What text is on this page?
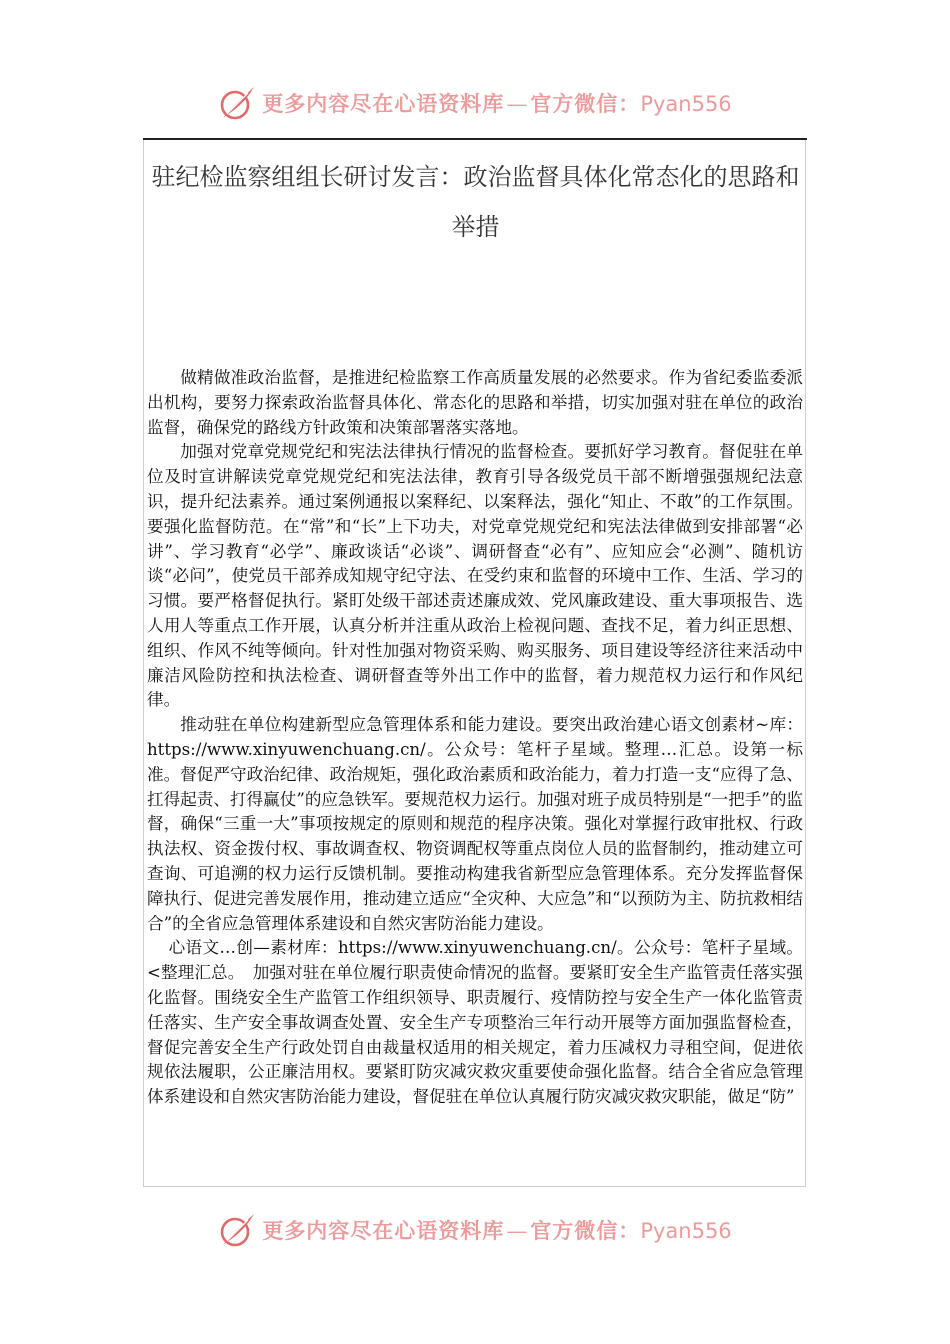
更多内容尽在心语资料库—官方微信：Pyan556
驻纪检监察组组长研讨发言：政治监督具体化常态化的思路和
举措

做精做准政治监督，是推进纪检监察工作高质量发展的必然要求。作为省纪委监委派出机构，要努力探索政治监督具体化、常态化的思路和举措，切实加强对驻在单位的政治监督，确保党的路线方针政策和决策部署落实落地。

加强对党章党规党纪和宪法法律执行情况的监督检查。要抓好学习教育。督促驻在单位及时宣讲解读党章党规党纪和宪法法律，教育引导各级党员干部不断增强强规纪法意识，提升纪法素养。通过案例通报以案释纪、以案释法，强化“知止、不敢”的工作氛围。要强化监督防范。在“常”和“长”上下功夫，对党章党规党纪和宪法法律做到安排部署“必讲”、学习教育“必学”、廉政谈话“必谈”、调研督查“必有”、应知应会“必测”、随机访谈“必问”，使党员干部养成知规守纪守法、在受约束和监督的环境中工作、生活、学习的习惯。要严格督促执行。紧盯处级干部述责述廉成效、党风廉政建设、重大事项报告、选人用人等重点工作开展，认真分析并注重从政治上检视问题、查找不足，着力纠正思想、组织、作风不纯等倾向。针对性加强对物资采购、购买服务、项目建设等经济往来活动中廉洁风险防控和执法检查、调研督查等外出工作中的监督，着力规范权力运行和作风纪律。

推动驻在单位构建新型应急管理体系和能力建设。要突出政治建心语文创素材~库：https://www.xinyuwenchuang.cn/。公众号：笔杆子星域。整理…汇总。设第一标准。督促严守政治纪律、政治规矩，强化政治素质和政治能力，着力打造一支“应得了急、扛得起责、打得赢仗”的应急铁军。要规范权力运行。加强对班子成员特别是“一把手”的监督，确保“三重一大”事项按规定的原则和规范的程序决策。强化对掌握行政审批权、行政执法权、资金拨付权、事故调查权、物资调配权等重点岗位人员的监督制约，推动建立可查询、可追溯的权力运行反馈机制。要推动构建我省新型应急管理体系。充分发挥监督保障执行、促进完善发展作用，推动建立适应“全灾种、大应急”和“以预防为主、防抗救相结合”的全省应急管理体系建设和自然灾害防治能力建设。

心语文…创—素材库：https://www.xinyuwenchuang.cn/。公众号：笔杆子星域。<整理汇总。　加强对驻在单位履行职责使命情况的监督。要紧盯安全生产监管责任落实强化监督。围绕安全生产监管工作组织领导、职责履行、疫情防控与安全生产一体化监管责任落实、生产安全事故调查处置、安全生产专项整治三年行动开展等方面加强监督检查，督促完善安全生产行政处罚自由裁量权适用的相关规定，着力压减权力寻租空间，促进依规依法履职，公正廉洁用权。要紧盯防灾减灾救灾重要使命强化监督。结合全省应急管理体系建设和自然灾害防治能力建设，督促驻在单位认真履行防灾减灾救灾职能，做足“防”

更多内容尽在心语资料库—官方微信：Pyan556
